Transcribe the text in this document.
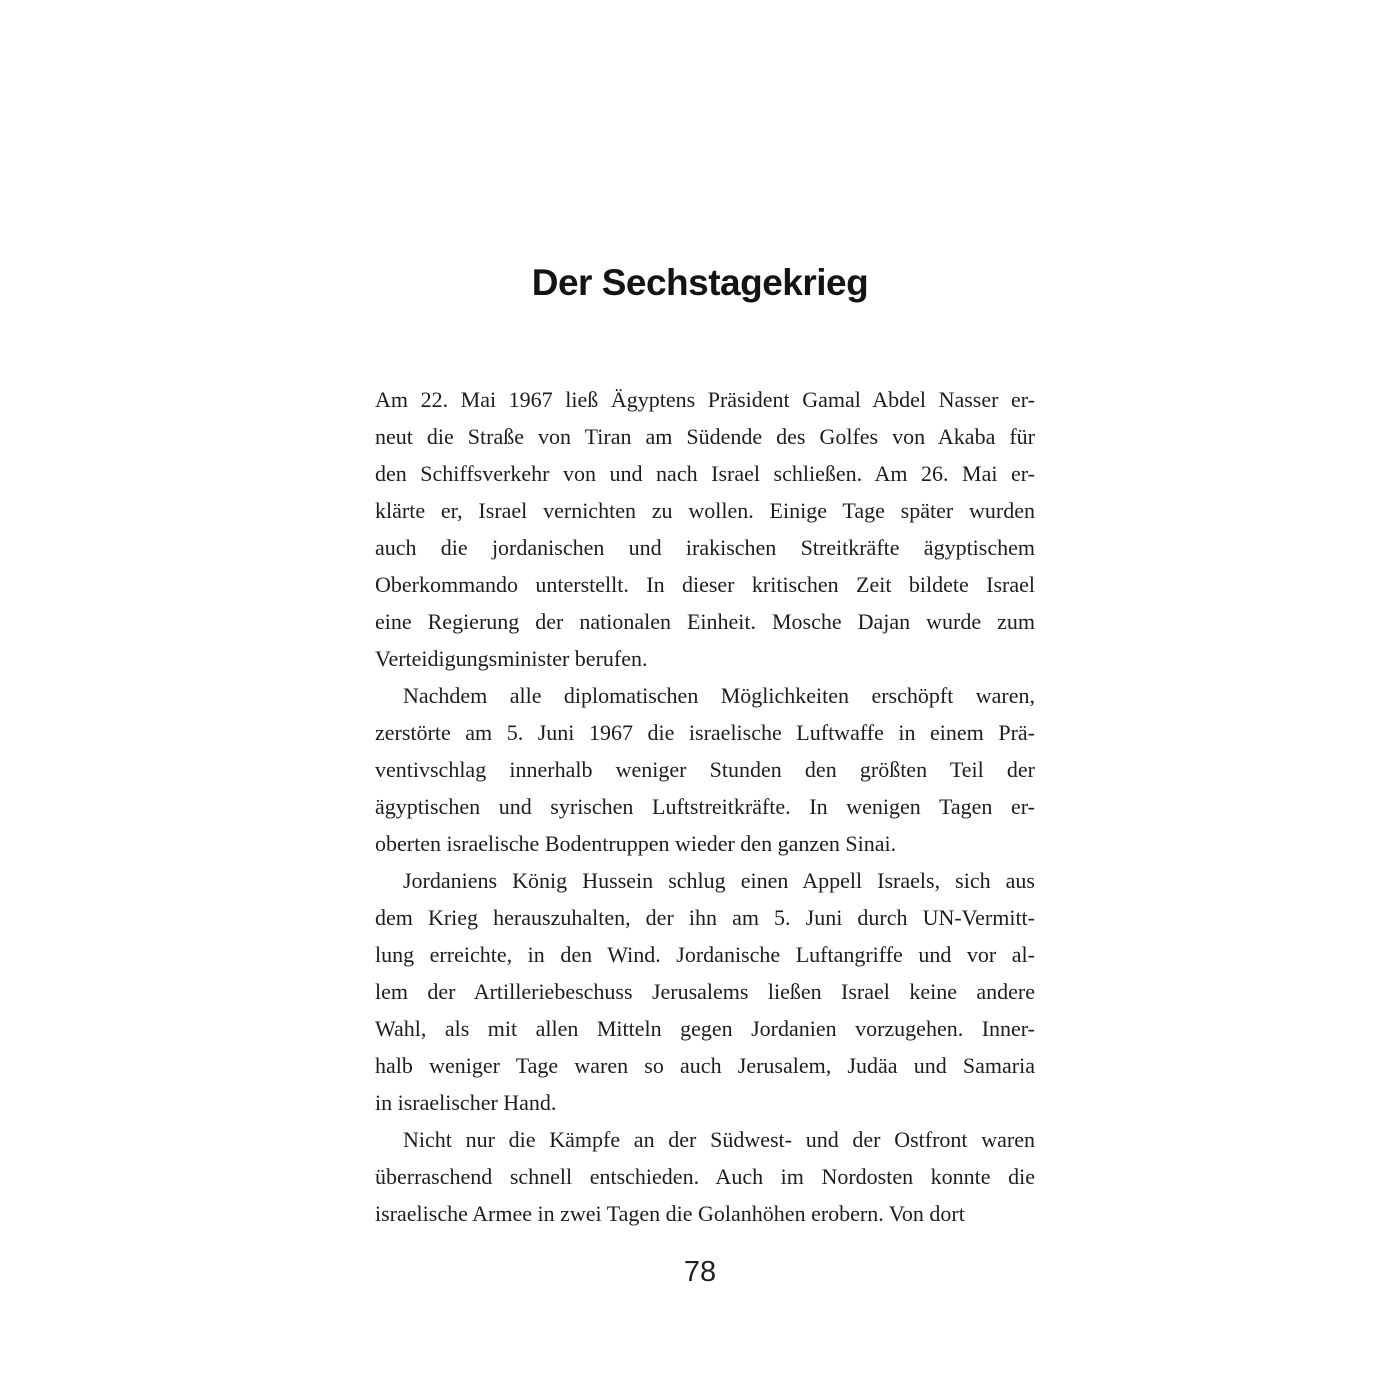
Der Sechstagekrieg
Am 22. Mai 1967 ließ Ägyptens Präsident Gamal Abdel Nasser er-
neut die Straße von Tiran am Südende des Golfes von Akaba für
den Schiffsverkehr von und nach Israel schließen. Am 26. Mai er-
klärte er, Israel vernichten zu wollen. Einige Tage später wurden
auch die jordanischen und irakischen Streitkräfte ägyptischem
Oberkommando unterstellt. In dieser kritischen Zeit bildete Israel
eine Regierung der nationalen Einheit. Mosche Dajan wurde zum
Verteidigungsminister berufen.
Nachdem alle diplomatischen Möglichkeiten erschöpft waren,
zerstörte am 5. Juni 1967 die israelische Luftwaffe in einem Prä-
ventivschlag innerhalb weniger Stunden den größten Teil der
ägyptischen und syrischen Luftstreitkräfte. In wenigen Tagen er-
oberten israelische Bodentruppen wieder den ganzen Sinai.
Jordaniens König Hussein schlug einen Appell Israels, sich aus
dem Krieg herauszuhalten, der ihn am 5. Juni durch UN-Vermitt-
lung erreichte, in den Wind. Jordanische Luftangriffe und vor al-
lem der Artilleriebeschuss Jerusalems ließen Israel keine andere
Wahl, als mit allen Mitteln gegen Jordanien vorzugehen. Inner-
halb weniger Tage waren so auch Jerusalem, Judäa und Samaria
in israelischer Hand.
Nicht nur die Kämpfe an der Südwest- und der Ostfront waren
überraschend schnell entschieden. Auch im Nordosten konnte die
israelische Armee in zwei Tagen die Golanhöhen erobern. Von dort
78
